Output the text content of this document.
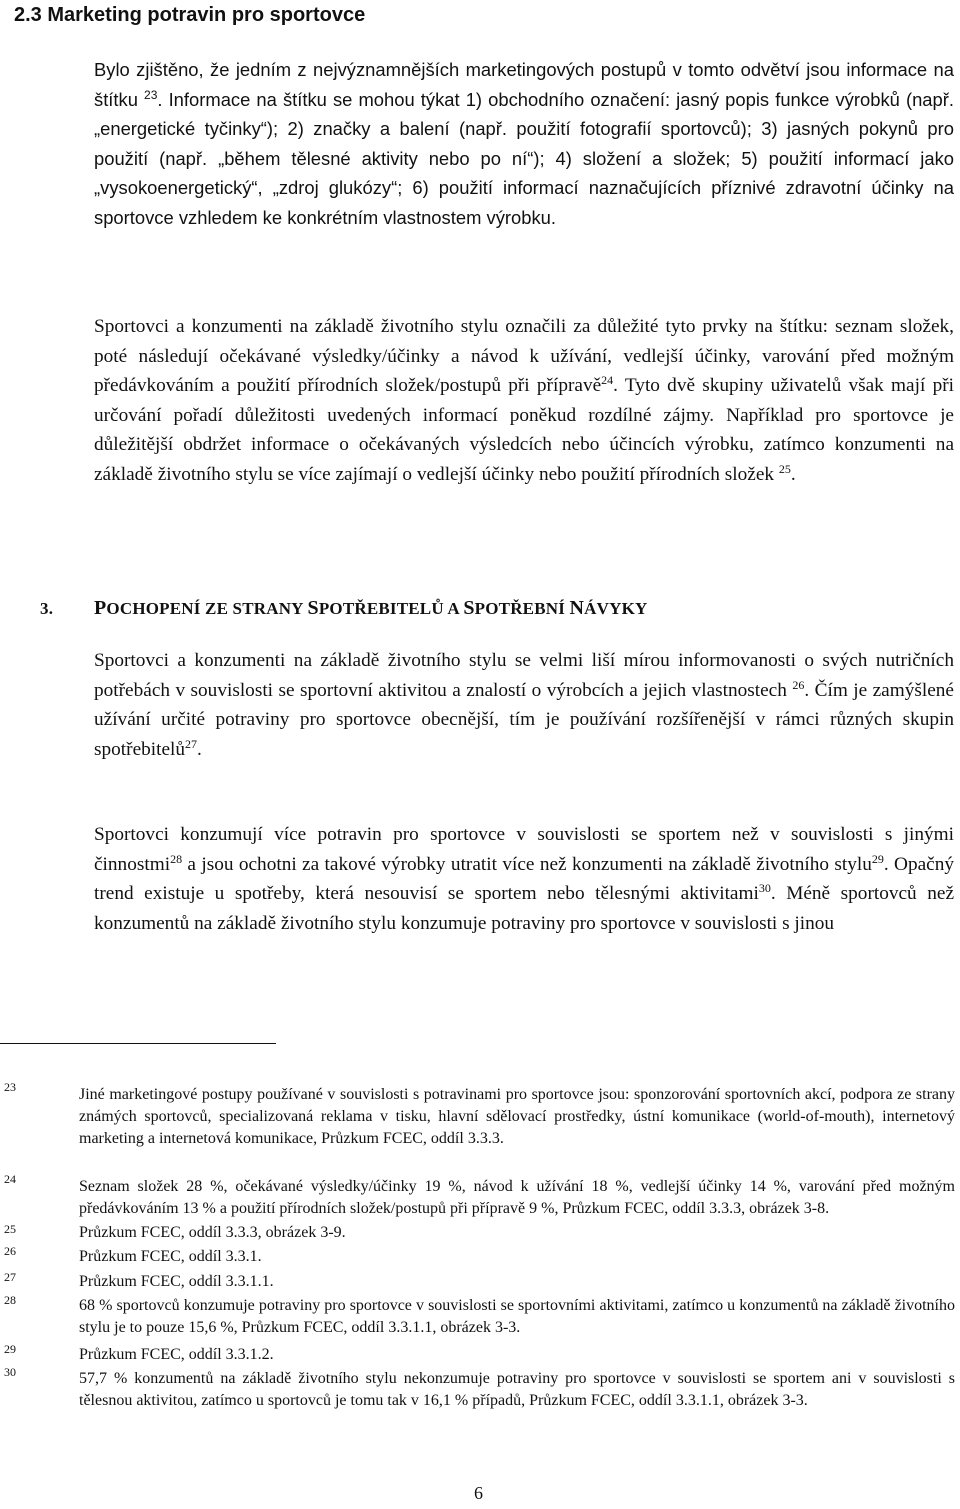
2.3 Marketing potravin pro sportovce

Bylo zjištěno, že jedním z nejvýznamnějších marketingových postupů v tomto odvětví jsou informace na štítku $^{23}$. Informace na štítku se mohou týkat 1) obchodního označení: jasný popis funkce výrobků (např. „energetické tyčinky“); 2) značky a balení (např. použití fotografií sportovců); 3) jasných pokynů pro použití (např. „během tělesné aktivity nebo po ní“); 4) složení a složek; 5) použití informací jako „vysokoenergetický“, „zdroj glukózy“; 6) použití informací naznačujících příznivé zdravotní účinky na sportovce vzhledem ke konkrétním vlastnostem výrobku.

Sportovci a konzumenti na základě životního stylu označili za důležité tyto prvky na štítku: seznam složek, poté následují očekávané výsledky/účinky a návod k užívání, vedlejší účinky, varování před možným předávkováním a použití přírodních složek/postupů při přípravě$^{24}$. Tyto dvě skupiny uživatelů však mají při určování pořadí důležitosti uvedených informací poněkud rozdílné zájmy. Například pro sportovce je důležitější obdržet informace o očekávaných výsledcích nebo účincích výrobku, zatímco konzumenti na základě životního stylu se více zajímají o vedlejší účinky nebo použití přírodních složek $^{25}$.

3. POCHOPENÍ ZE STRANY SPOTŘEBITELŮ A SPOTŘEBNÍ NÁVYKY

Sportovci a konzumenti na základě životního stylu se velmi liší mírou informovanosti o svých nutričních potřebách v souvislosti se sportovní aktivitou a znalostí o výrobcích a jejich vlastnostech $^{26}$. Čím je zamýšlené užívání určité potraviny pro sportovce obecnější, tím je používání rozšířenější v rámci různých skupin spotřebitelů$^{27}$.

Sportovci konzumují více potravin pro sportovce v souvislosti se sportem než v souvislosti s jinými činnostmi$^{28}$ a jsou ochotni za takové výrobky utratit více než konzumenti na základě životního stylu$^{29}$. Opačný trend existuje u spotřeby, která nesouvisí se sportem nebo tělesnými aktivitami$^{30}$. Méně sportovců než konzumentů na základě životního stylu konzumuje potraviny pro sportovce v souvislosti s jinou

23
24
25
26
27
28
29
30

Jiné marketingové postupy používané v souvislosti s potravinami pro sportovce jsou: sponzorování sportovních akcí, podpora ze strany známých sportovců, specializovaná reklama v tisku, hlavní sdělovací prostředky, ústní komunikace (world-of-mouth), internetový marketing a internetová komunikace, Průzkum FCEC, oddíl 3.3.3.

Seznam složek 28 %, očekávané výsledky/účinky 19 %, návod k užívání 18 %, vedlejší účinky 14 %, varování před možným předávkováním 13 % a použití přírodních složek/postupů při přípravě 9 %, Průzkum FCEC, oddíl 3.3.3, obrázek 3-8.

Průzkum FCEC, oddíl 3.3.3, obrázek 3-9.

Průzkum FCEC, oddíl 3.3.1.

Průzkum FCEC, oddíl 3.3.1.1.

68 % sportovců konzumuje potraviny pro sportovce v souvislosti se sportovními aktivitami, zatímco u konzumentů na základě životního stylu je to pouze 15,6 %, Průzkum FCEC, oddíl 3.3.1.1, obrázek 3-3.

Průzkum FCEC, oddíl 3.3.1.2.

57,7 % konzumentů na základě životního stylu nekonzumuje potraviny pro sportovce v souvislosti se sportem ani v souvislosti s tělesnou aktivitou, zatímco u sportovců je tomu tak v 16,1 % případů, Průzkum FCEC, oddíl 3.3.1.1, obrázek 3-3.

6
